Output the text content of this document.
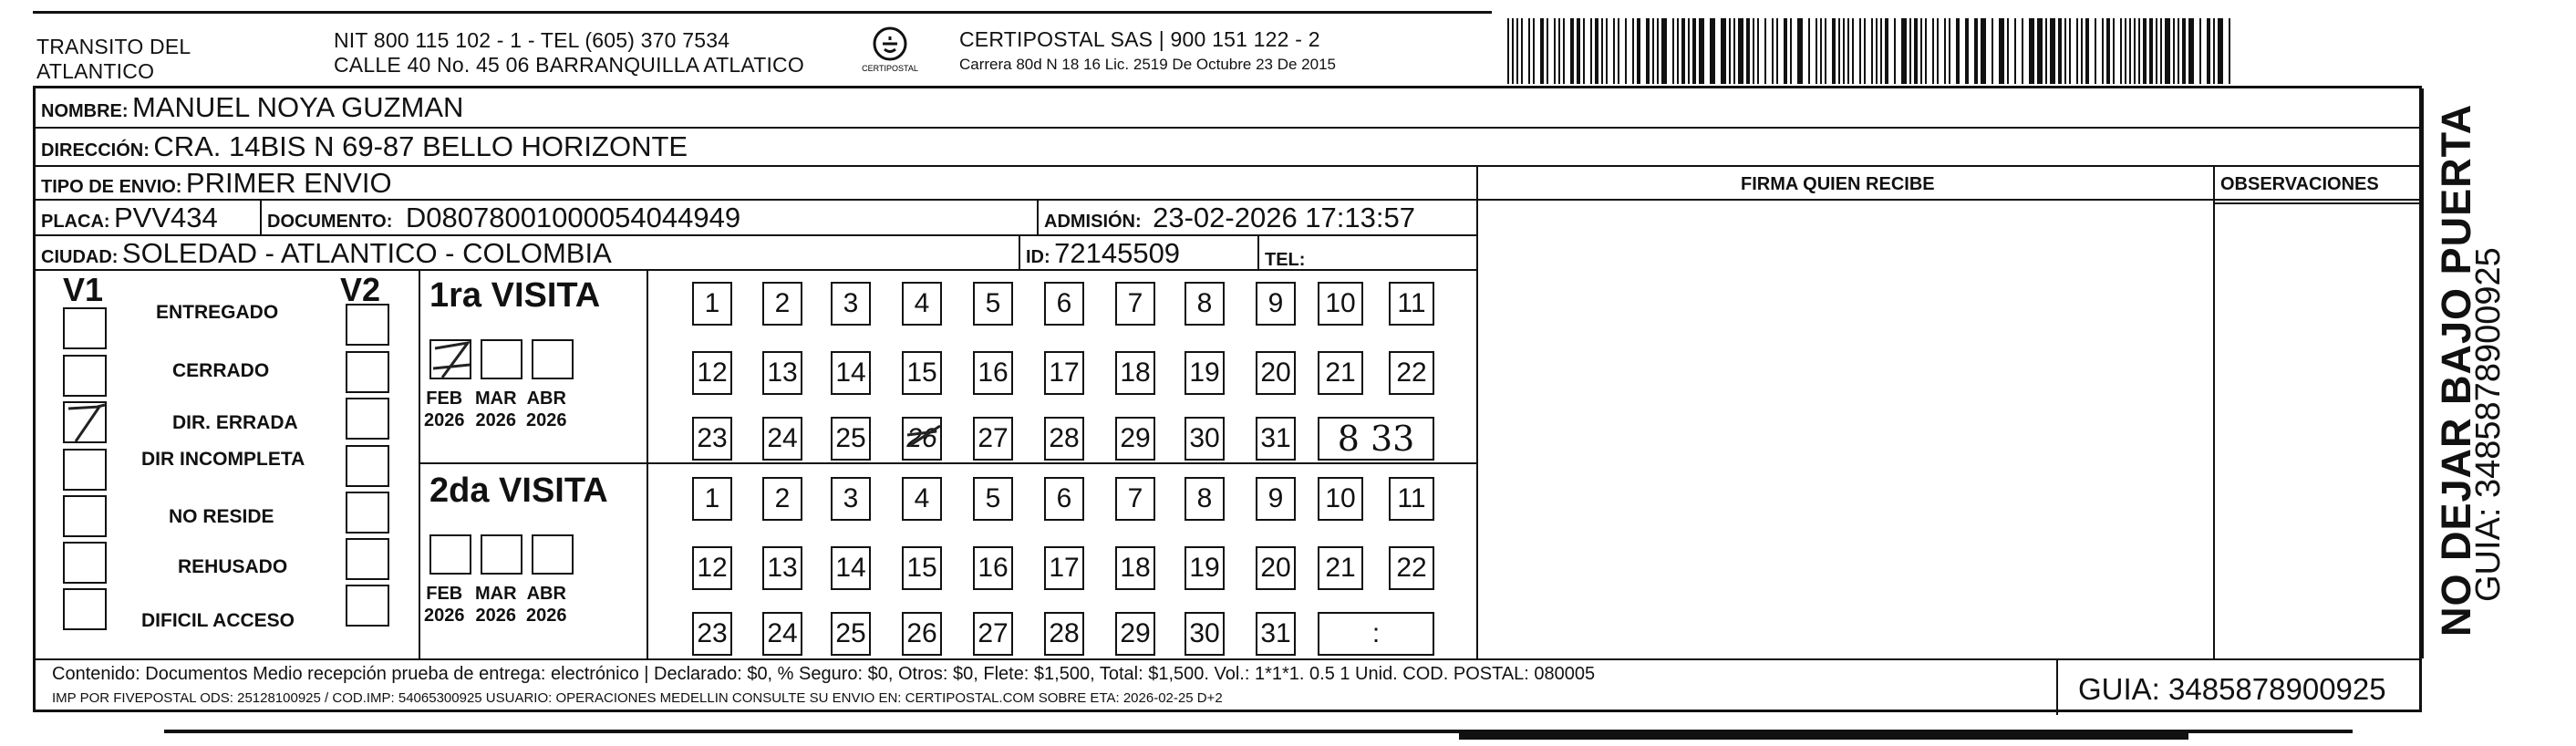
TRANSITO DEL
ATLANTICO
NIT 800 115 102 - 1 - TEL (605) 370 7534
CALLE 40 No. 45 06 BARRANQUILLA ATLATICO	CERTIPOSTAL
CERTIPOSTAL SAS | 900 151 122 - 2
Carrera 80d N 18 16 Lic. 2519 De Octubre 23 De 2015
NOMBRE: MANUEL NOYA GUZMAN
DIRECCIÓN: CRA. 14BIS N 69-87 BELLO HORIZONTE
TIPO DE ENVIO: PRIMER ENVIO	FIRMA QUIEN RECIBE	OBSERVACIONES
PLACA: PVV434	DOCUMENTO: D08078001000054044949	ADMISIÓN: 23-02-2026 17:13:57
CIUDAD: SOLEDAD - ATLANTICO - COLOMBIA	ID: 72145509	TEL:
V1	V2
ENTREGADO
CERRADO
DIR. ERRADA
DIR INCOMPLETA
NO RESIDE
REHUSADO
DIFICIL ACCESO
1ra VISITA
FEB
2026
MAR
2026
ABR
2026
1	2	3	4	5	6	7	8	9	10	11
12 13 14 15 16 17 18 19 20 21 22
23 24 25 26 27 28 29 30 31	8 33
2da VISITA
FEB
2026
MAR
2026
ABR
2026
1	2	3	4	5	6	7	8	9	10	11
12 13 14 15 16 17 18 19 20 21 22
23 24 25 26 27 28 29 30 31	:
Contenido: Documentos Medio recepción prueba de entrega: electrónico | Declarado: $0, % Seguro: $0, Otros: $0, Flete: $1,500, Total: $1,500. Vol.: 1*1*1. 0.5 1 Unid. COD. POSTAL: 080005
IMP POR FIVEPOSTAL ODS: 25128100925 / COD.IMP: 54065300925 USUARIO: OPERACIONES MEDELLIN CONSULTE SU ENVIO EN: CERTIPOSTAL.COM SOBRE ETA: 2026-02-25 D+2	GUIA: 3485878900925
NO DEJAR BAJO PUERTA
GUIA: 3485878900925
